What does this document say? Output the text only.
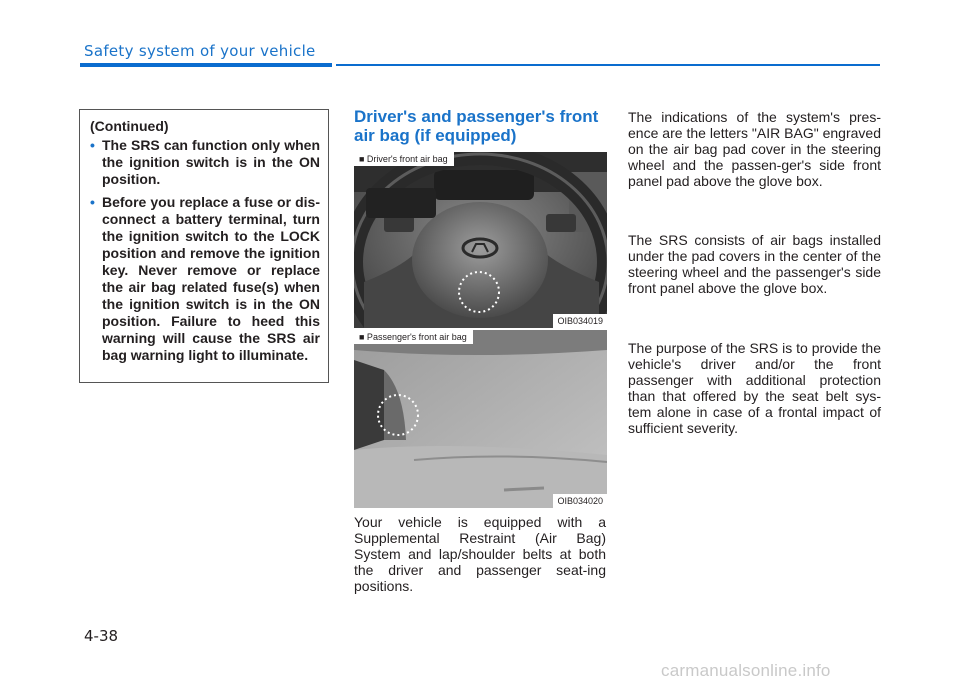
Safety system of your vehicle

(Continued)

• The SRS can function only when the ignition switch is in the ON position.
• Before you replace a fuse or dis-connect a battery terminal, turn the ignition switch to the LOCK position and remove the ignition key. Never remove or replace the air bag related fuse(s) when the ignition switch is in the ON position. Failure to heed this warning will cause the SRS air bag warning light to illuminate.
Driver's and passenger's front air bag (if equipped)
■ Driver's front air bag
OIB034019
■ Passenger's front air bag
OIB034020

Your vehicle is equipped with a Supplemental Restraint (Air Bag) System and lap/shoulder belts at both the driver and passenger seat-ing positions.

The indications of the system's pres-ence are the letters "AIR BAG" engraved on the air bag pad cover in the steering wheel and the passen-ger's side front panel pad above the glove box.

The SRS consists of air bags installed under the pad covers in the center of the steering wheel and the passenger's side front panel above the glove box.

The purpose of the SRS is to provide the vehicle's driver and/or the front passenger with additional protection than that offered by the seat belt sys-tem alone in case of a frontal impact of sufficient severity.

4-38
carmanualsonline.info
